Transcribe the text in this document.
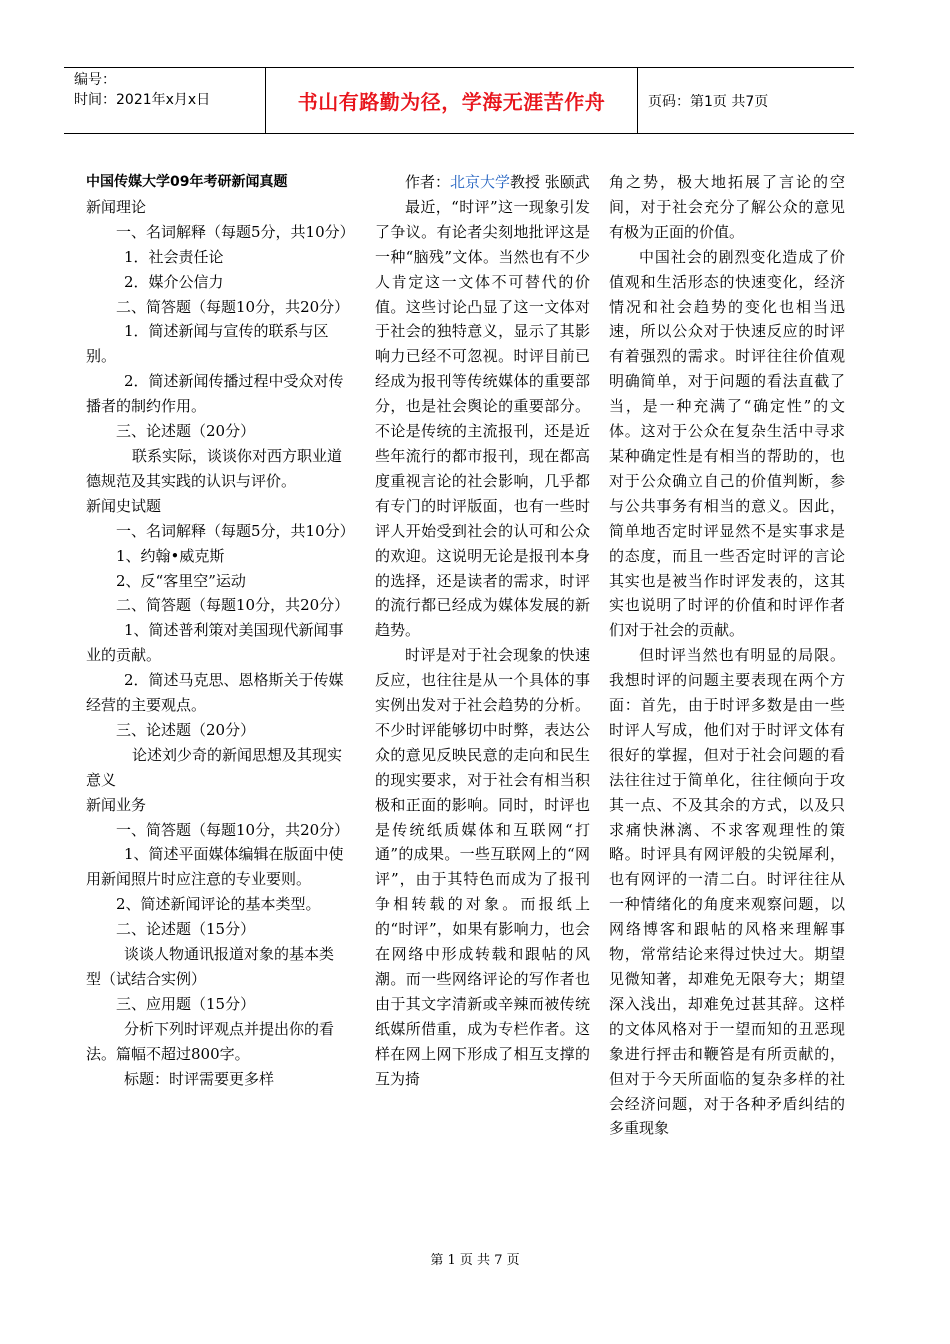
编号：
时间：2021年x月x日	书山有路勤为径，学海无涯苦作舟	页码：第1页 共7页

中国传媒大学09年考研新闻真题

新闻理论

一、名词解释（每题5分，共10分）

1．社会责任论

2．媒介公信力

二、简答题（每题10分，共20分）

1．简述新闻与宣传的联系与区别。

2．简述新闻传播过程中受众对传播者的制约作用。

三、论述题（20分）

联系实际，谈谈你对西方职业道德规范及其实践的认识与评价。

新闻史试题

一、名词解释（每题5分，共10分）

1、约翰•威克斯

2、反“客里空”运动

二、简答题（每题10分，共20分）

1、简述普利策对美国现代新闻事业的贡献。

2．简述马克思、恩格斯关于传媒经营的主要观点。

三、论述题（20分）

论述刘少奇的新闻思想及其现实意义

新闻业务

一、简答题（每题10分，共20分）

1、简述平面媒体编辑在版面中使用新闻照片时应注意的专业要则。

2、简述新闻评论的基本类型。

二、论述题（15分）

谈谈人物通讯报道对象的基本类型（试结合实例）

三、应用题（15分）

分析下列时评观点并提出你的看法。篇幅不超过800字。

标题：时评需要更多样

作者：北京大学教授 张颐武

最近，“时评”这一现象引发了争议。有论者尖刻地批评这是一种“脑残”文体。当然也有不少人肯定这一文体不可替代的价值。这些讨论凸显了这一文体对于社会的独特意义，显示了其影响力已经不可忽视。时评目前已经成为报刊等传统媒体的重要部分，也是社会舆论的重要部分。不论是传统的主流报刊，还是近些年流行的都市报刊，现在都高度重视言论的社会影响，几乎都有专门的时评版面，也有一些时评人开始受到社会的认可和公众的欢迎。这说明无论是报刊本身的选择，还是读者的需求，时评的流行都已经成为媒体发展的新趋势。

时评是对于社会现象的快速反应，也往往是从一个具体的事实例出发对于社会趋势的分析。不少时评能够切中时弊，表达公众的意见反映民意的走向和民生的现实要求，对于社会有相当积极和正面的影响。同时，时评也是传统纸质媒体和互联网“打通”的成果。一些互联网上的“网评”，由于其特色而成为了报刊争相转载的对象。而报纸上的“时评”，如果有影响力，也会在网络中形成转载和跟帖的风潮。而一些网络评论的写作者也由于其文字清新或辛辣而被传统纸媒所借重，成为专栏作者。这样在网上网下形成了相互支撑的互为掎

角之势，极大地拓展了言论的空间，对于社会充分了解公众的意见有极为正面的价值。

中国社会的剧烈变化造成了价值观和生活形态的快速变化，经济情况和社会趋势的变化也相当迅速，所以公众对于快速反应的时评有着强烈的需求。时评往往价值观明确简单，对于问题的看法直截了当，是一种充满了“确定性”的文体。这对于公众在复杂生活中寻求某种确定性是有相当的帮助的，也对于公众确立自己的价值判断，参与公共事务有相当的意义。因此，简单地否定时评显然不是实事求是的态度，而且一些否定时评的言论其实也是被当作时评发表的，这其实也说明了时评的价值和时评作者们对于社会的贡献。

但时评当然也有明显的局限。我想时评的问题主要表现在两个方面：首先，由于时评多数是由一些时评人写成，他们对于时评文体有很好的掌握，但对于社会问题的看法往往过于简单化，往往倾向于攻其一点、不及其余的方式，以及只求痛快淋漓、不求客观理性的策略。时评具有网评般的尖锐犀利，也有网评的一清二白。时评往往从一种情绪化的角度来观察问题，以网络博客和跟帖的风格来理解事物，常常结论来得过快过大。期望见微知著，却难免无限夸大；期望深入浅出，却难免过甚其辞。这样的文体风格对于一望而知的丑恶现象进行抨击和鞭笞是有所贡献的，但对于今天所面临的复杂多样的社会经济问题，对于各种矛盾纠结的多重现象

第 1 页 共 7 页
